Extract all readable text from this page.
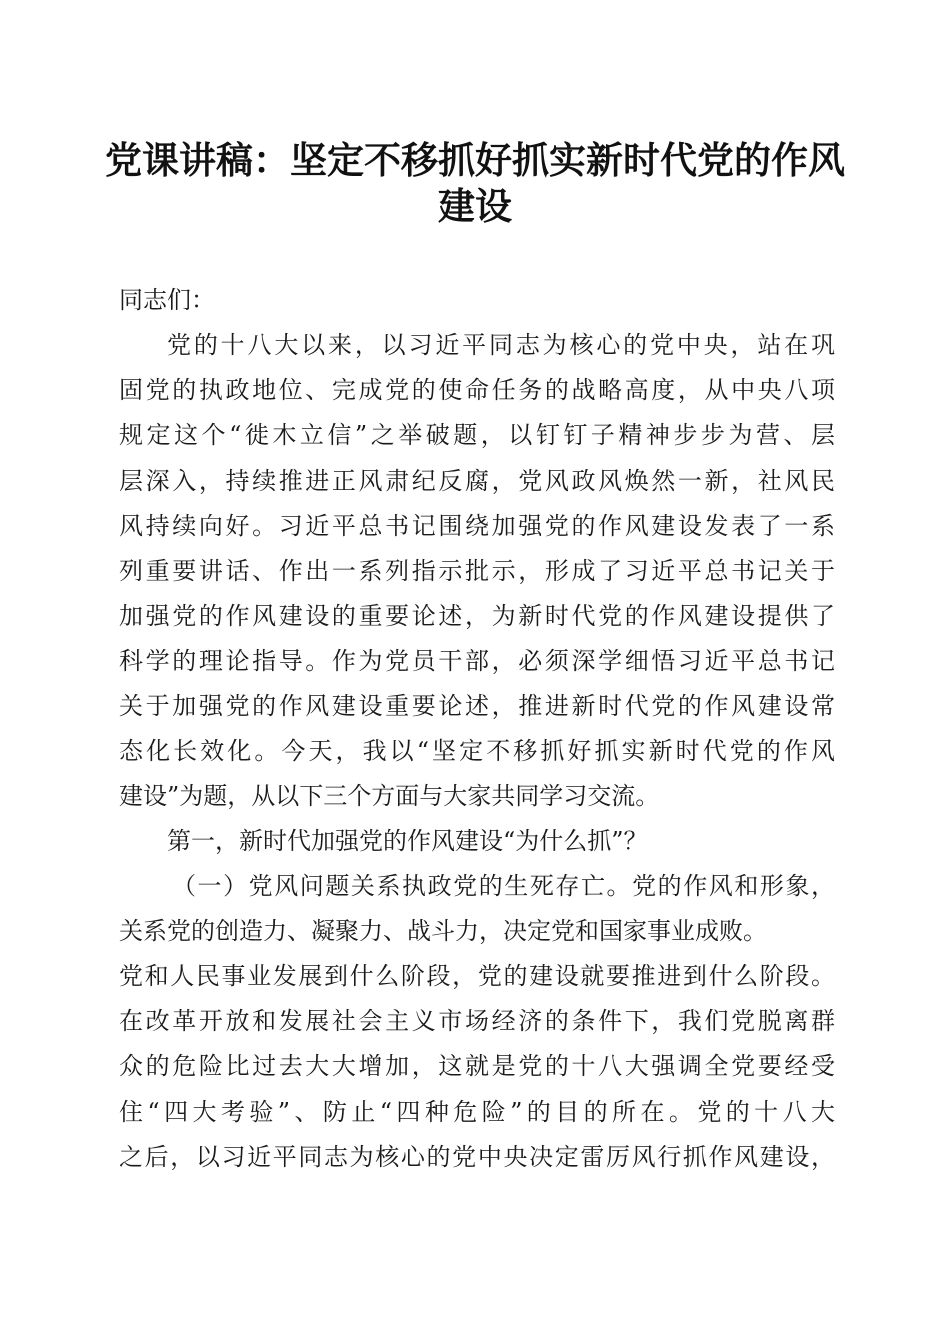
党课讲稿：坚定不移抓好抓实新时代党的作风
建设
同志们：
党的十八大以来，以习近平同志为核心的党中央，站在巩
固党的执政地位、完成党的使命任务的战略高度，从中央八项
规定这个“徙木立信”之举破题，以钉钉子精神步步为营、层
层深入，持续推进正风肃纪反腐，党风政风焕然一新，社风民
风持续向好。习近平总书记围绕加强党的作风建设发表了一系
列重要讲话、作出一系列指示批示，形成了习近平总书记关于
加强党的作风建设的重要论述，为新时代党的作风建设提供了
科学的理论指导。作为党员干部，必须深学细悟习近平总书记
关于加强党的作风建设重要论述，推进新时代党的作风建设常
态化长效化。今天，我以“坚定不移抓好抓实新时代党的作风
建设”为题，从以下三个方面与大家共同学习交流。
第一，新时代加强党的作风建设“为什么抓”？
（一）党风问题关系执政党的生死存亡。党的作风和形象，
关系党的创造力、凝聚力、战斗力，决定党和国家事业成败。
党和人民事业发展到什么阶段，党的建设就要推进到什么阶段。
在改革开放和发展社会主义市场经济的条件下，我们党脱离群
众的危险比过去大大增加，这就是党的十八大强调全党要经受
住“四大考验”、防止“四种危险”的目的所在。党的十八大
之后，以习近平同志为核心的党中央决定雷厉风行抓作风建设，
